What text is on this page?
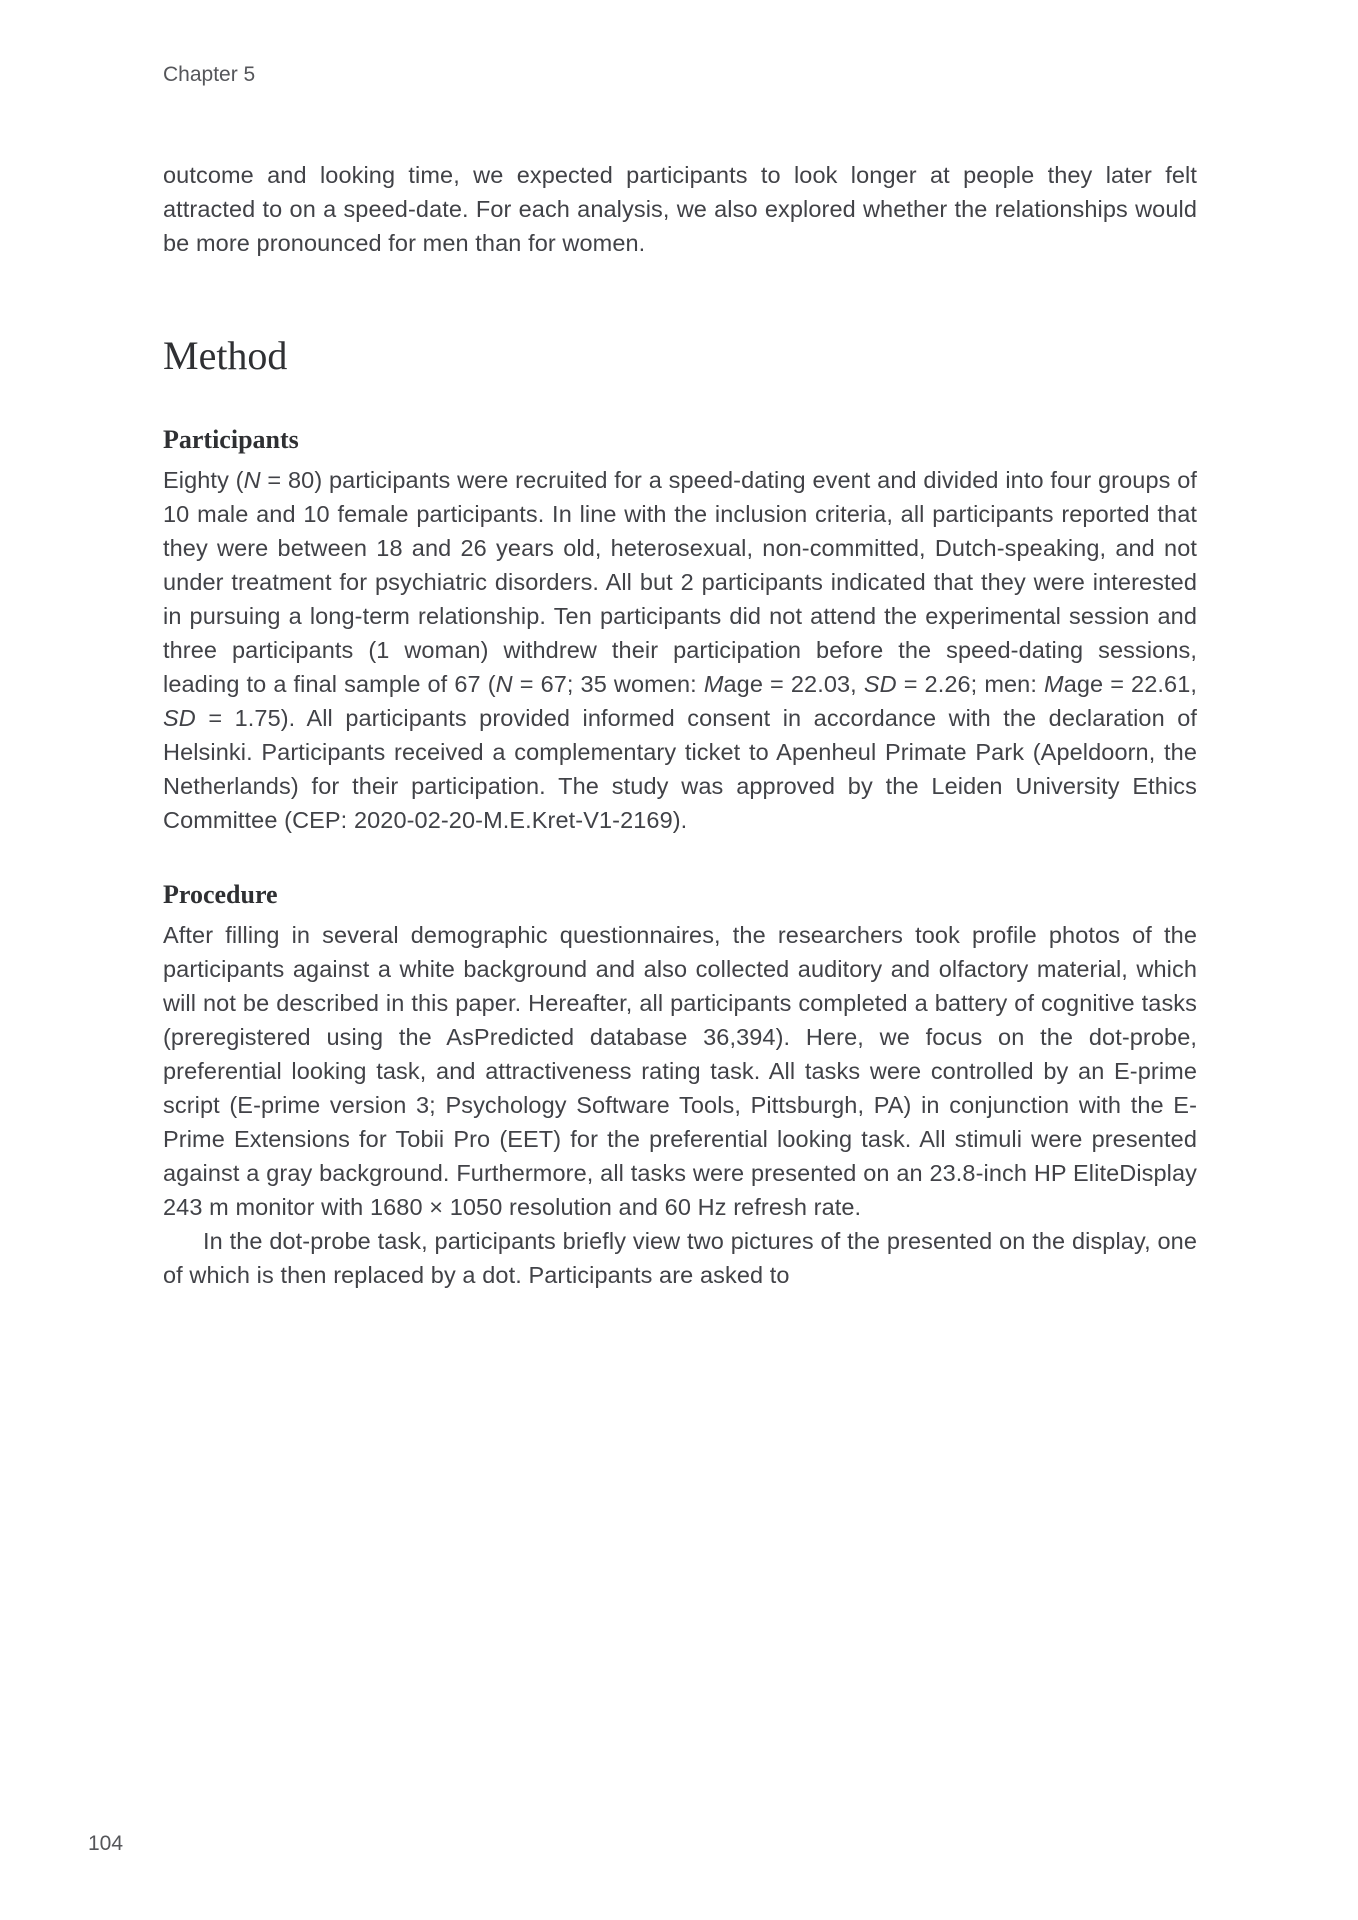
Chapter 5

outcome and looking time, we expected participants to look longer at people they later felt attracted to on a speed-date. For each analysis, we also explored whether the relationships would be more pronounced for men than for women.

Method
Participants

Eighty (N = 80) participants were recruited for a speed-dating event and divided into four groups of 10 male and 10 female participants. In line with the inclusion criteria, all participants reported that they were between 18 and 26 years old, heterosexual, non-committed, Dutch-speaking, and not under treatment for psychiatric disorders. All but 2 participants indicated that they were interested in pursuing a long-term relationship. Ten participants did not attend the experimental session and three participants (1 woman) withdrew their participation before the speed-dating sessions, leading to a final sample of 67 (N = 67; 35 women: Mage = 22.03, SD = 2.26; men: Mage = 22.61, SD = 1.75). All participants provided informed consent in accordance with the declaration of Helsinki. Participants received a complementary ticket to Apenheul Primate Park (Apeldoorn, the Netherlands) for their participation. The study was approved by the Leiden University Ethics Committee (CEP: 2020-02-20-M.E.Kret-V1-2169).

Procedure

After filling in several demographic questionnaires, the researchers took profile photos of the participants against a white background and also collected auditory and olfactory material, which will not be described in this paper. Hereafter, all participants completed a battery of cognitive tasks (preregistered using the AsPredicted database 36,394). Here, we focus on the dot-probe, preferential looking task, and attractiveness rating task. All tasks were controlled by an E-prime script (E-prime version 3; Psychology Software Tools, Pittsburgh, PA) in conjunction with the E-Prime Extensions for Tobii Pro (EET) for the preferential looking task. All stimuli were presented against a gray background. Furthermore, all tasks were presented on an 23.8-inch HP EliteDisplay 243 m monitor with 1680 × 1050 resolution and 60 Hz refresh rate.

In the dot-probe task, participants briefly view two pictures of the presented on the display, one of which is then replaced by a dot. Participants are asked to

104
